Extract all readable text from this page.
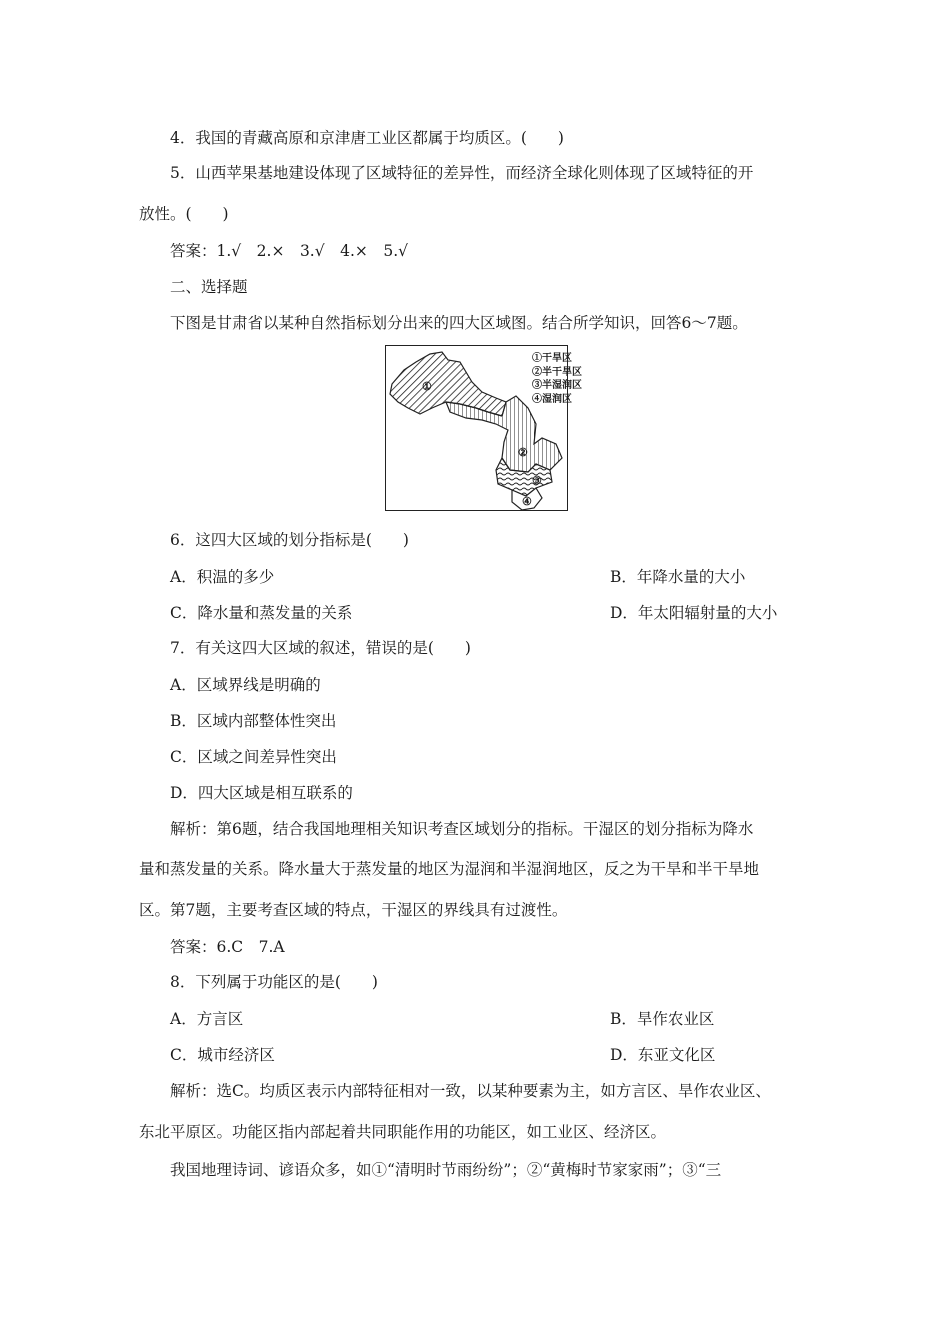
4．我国的青藏高原和京津唐工业区都属于均质区。(　　)
5．山西苹果基地建设体现了区域特征的差异性，而经济全球化则体现了区域特征的开
放性。(　　)
答案：1.√　2.×　3.√　4.×　5.√
二、选择题
下图是甘肃省以某种自然指标划分出来的四大区域图。结合所学知识，回答6～7题。
①
②
③
④
①干旱区
②半干旱区
③半湿润区
④湿润区
6．这四大区域的划分指标是(　　)
A．积温的多少	B．年降水量的大小
C．降水量和蒸发量的关系	D．年太阳辐射量的大小
7．有关这四大区域的叙述，错误的是(　　)
A．区域界线是明确的
B．区域内部整体性突出
C．区域之间差异性突出
D．四大区域是相互联系的
解析：第6题，结合我国地理相关知识考查区域划分的指标。干湿区的划分指标为降水
量和蒸发量的关系。降水量大于蒸发量的地区为湿润和半湿润地区，反之为干旱和半干旱地
区。第7题，主要考查区域的特点，干湿区的界线具有过渡性。
答案：6.C　7.A
8．下列属于功能区的是(　　)
A．方言区	B．旱作农业区
C．城市经济区	D．东亚文化区
解析：选C。均质区表示内部特征相对一致，以某种要素为主，如方言区、旱作农业区、
东北平原区。功能区指内部起着共同职能作用的功能区，如工业区、经济区。
我国地理诗词、谚语众多，如①“清明时节雨纷纷”；②“黄梅时节家家雨”；③“三
